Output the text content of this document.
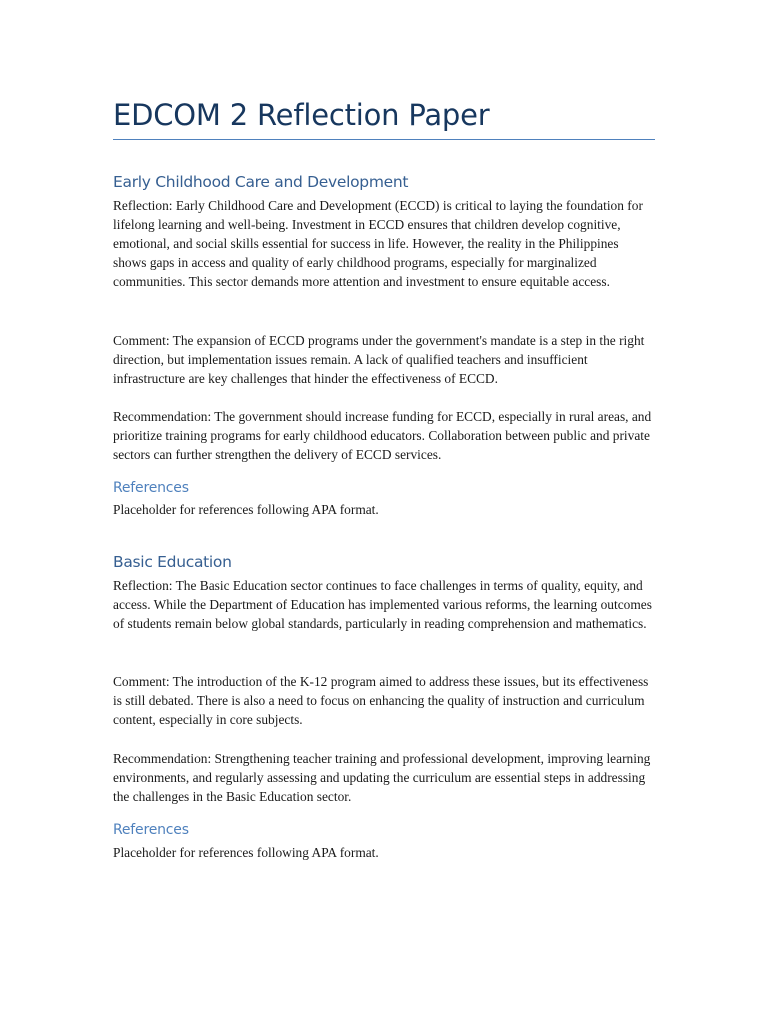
EDCOM 2 Reflection Paper
Early Childhood Care and Development

Reflection: Early Childhood Care and Development (ECCD) is critical to laying the foundation for lifelong learning and well-being. Investment in ECCD ensures that children develop cognitive, emotional, and social skills essential for success in life. However, the reality in the Philippines shows gaps in access and quality of early childhood programs, especially for marginalized communities. This sector demands more attention and investment to ensure equitable access.

Comment: The expansion of ECCD programs under the government's mandate is a step in the right direction, but implementation issues remain. A lack of qualified teachers and insufficient infrastructure are key challenges that hinder the effectiveness of ECCD.

Recommendation: The government should increase funding for ECCD, especially in rural areas, and prioritize training programs for early childhood educators. Collaboration between public and private sectors can further strengthen the delivery of ECCD services.

References

Placeholder for references following APA format.

Basic Education

Reflection: The Basic Education sector continues to face challenges in terms of quality, equity, and access. While the Department of Education has implemented various reforms, the learning outcomes of students remain below global standards, particularly in reading comprehension and mathematics.

Comment: The introduction of the K-12 program aimed to address these issues, but its effectiveness is still debated. There is also a need to focus on enhancing the quality of instruction and curriculum content, especially in core subjects.

Recommendation: Strengthening teacher training and professional development, improving learning environments, and regularly assessing and updating the curriculum are essential steps in addressing the challenges in the Basic Education sector.

References

Placeholder for references following APA format.
